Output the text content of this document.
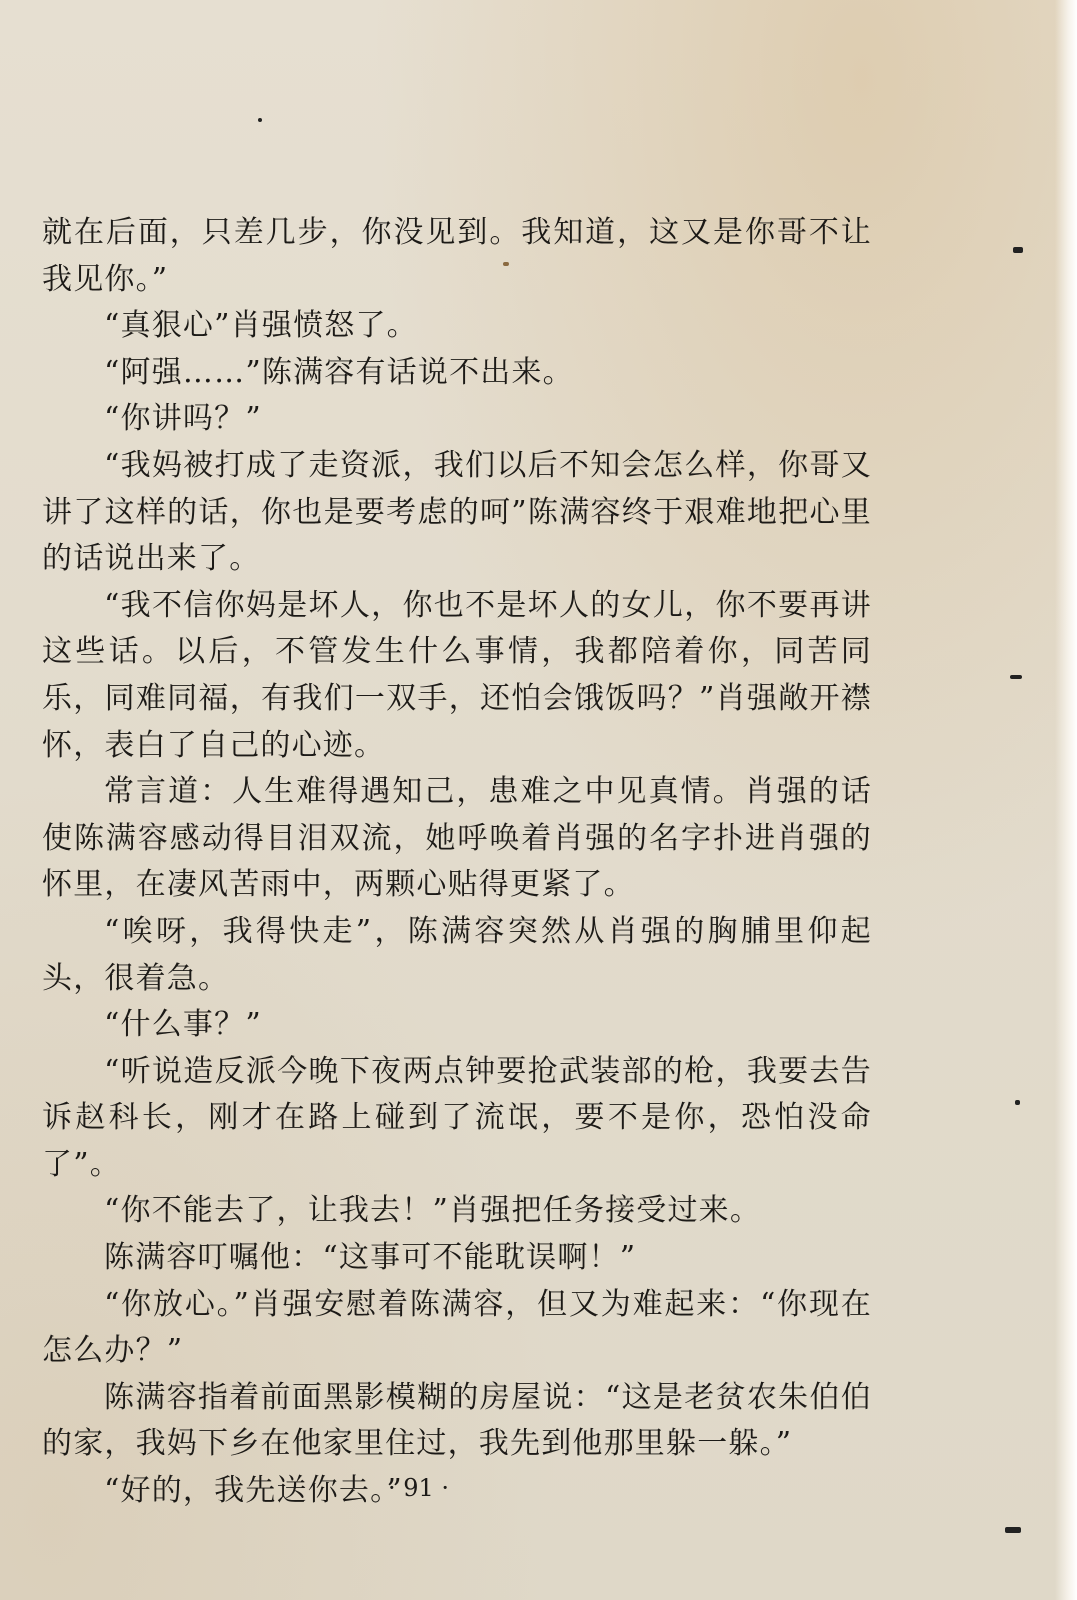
就在后面，只差几步，你没见到。我知道，这又是你哥不让我见你。”

“真狠心”肖强愤怒了。

“阿强……”陈满容有话说不出来。

“你讲吗？”

“我妈被打成了走资派，我们以后不知会怎么样，你哥又讲了这样的话，你也是要考虑的呵”陈满容终于艰难地把心里的话说出来了。

“我不信你妈是坏人，你也不是坏人的女儿，你不要再讲这些话。以后，不管发生什么事情，我都陪着你，同苦同乐，同难同福，有我们一双手，还怕会饿饭吗？”肖强敞开襟怀，表白了自己的心迹。

常言道：人生难得遇知己，患难之中见真情。肖强的话使陈满容感动得目泪双流，她呼唤着肖强的名字扑进肖强的怀里，在凄风苦雨中，两颗心贴得更紧了。

“唉呀，我得快走”，陈满容突然从肖强的胸脯里仰起头，很着急。

“什么事？”

“听说造反派今晚下夜两点钟要抢武装部的枪，我要去告诉赵科长，刚才在路上碰到了流氓，要不是你，恐怕没命了”。

“你不能去了，让我去！”肖强把任务接受过来。

陈满容叮嘱他：“这事可不能耽误啊！”

“你放心。”肖强安慰着陈满容，但又为难起来：“你现在怎么办？”

陈满容指着前面黑影模糊的房屋说：“这是老贫农朱伯伯的家，我妈下乡在他家里住过，我先到他那里躲一躲。”

“好的，我先送你去。”

· 91 ·
